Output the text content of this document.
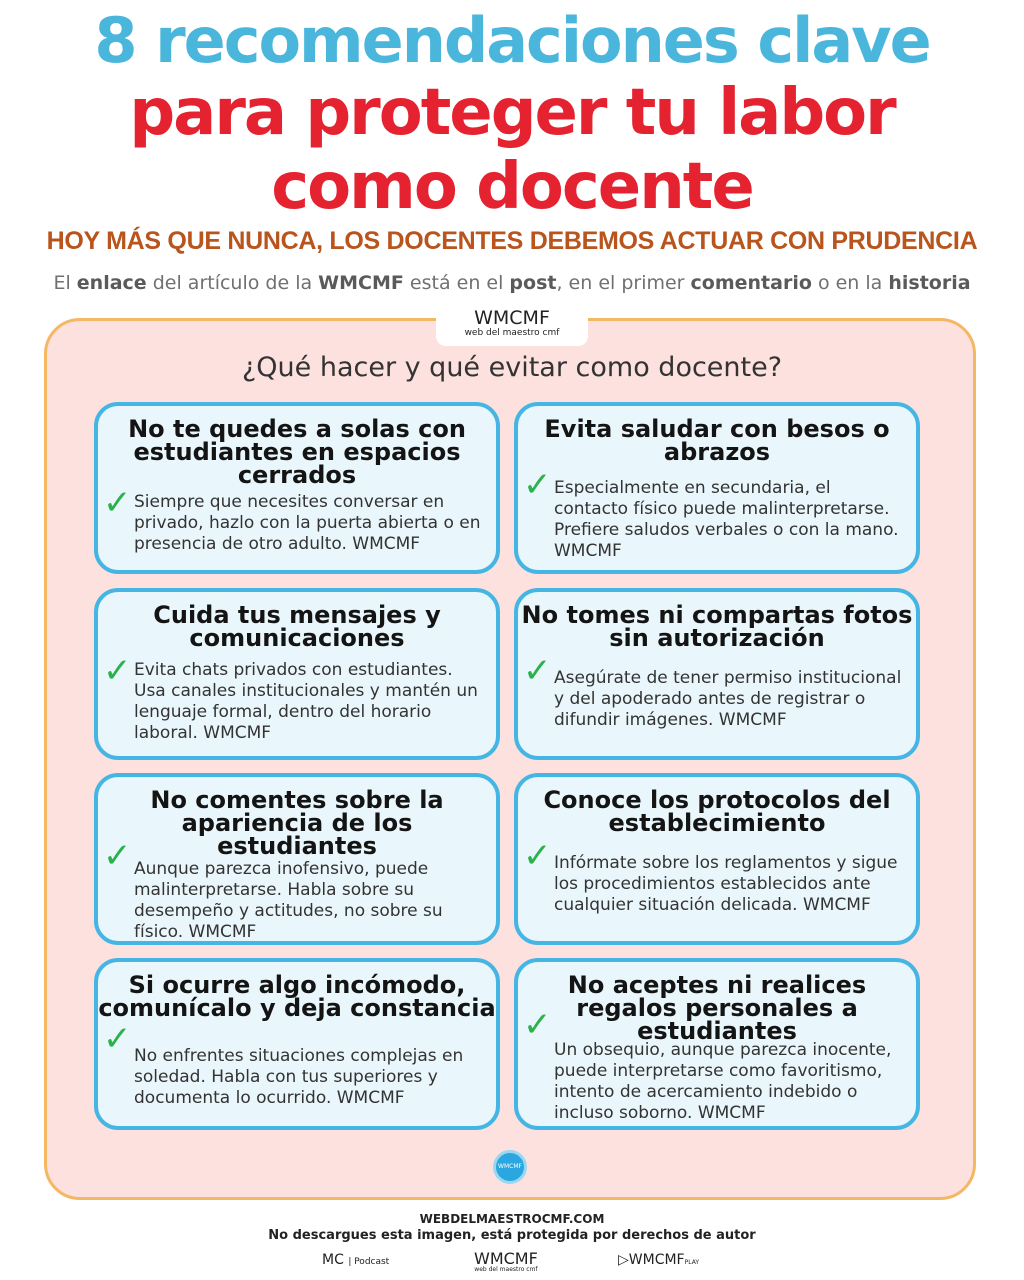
8 recomendaciones clave
para proteger tu labor
como docente
HOY MÁS QUE NUNCA, LOS DOCENTES DEBEMOS ACTUAR CON PRUDENCIA
El enlace del artículo de la WMCMF está en el post, en el primer comentario o en la historia
WMCMF
web del maestro cmf
¿Qué hacer y qué evitar como docente?
No te quedes a solas con estudiantes en espacios cerrados
✓ Siempre que necesites conversar en privado, hazlo con la puerta abierta o en presencia de otro adulto. WMCMF
Evita saludar con besos o abrazos
✓ Especialmente en secundaria, el contacto físico puede malinterpretarse. Prefiere saludos verbales o con la mano. WMCMF
Cuida tus mensajes y comunicaciones
✓ Evita chats privados con estudiantes. Usa canales institucionales y mantén un lenguaje formal, dentro del horario laboral. WMCMF
No tomes ni compartas fotos sin autorización
✓ Asegúrate de tener permiso institucional y del apoderado antes de registrar o difundir imágenes. WMCMF
No comentes sobre la apariencia de los estudiantes
✓ Aunque parezca inofensivo, puede malinterpretarse. Habla sobre su desempeño y actitudes, no sobre su físico. WMCMF
Conoce los protocolos del establecimiento
✓ Infórmate sobre los reglamentos y sigue los procedimientos establecidos ante cualquier situación delicada. WMCMF
Si ocurre algo incómodo, comunícalo y deja constancia
✓ No enfrentes situaciones complejas en soledad. Habla con tus superiores y documenta lo ocurrido. WMCMF
No aceptes ni realices regalos personales a estudiantes
✓
Un obsequio, aunque parezca inocente, puede interpretarse como favoritismo, intento de acercamiento indebido o incluso soborno. WMCMF
WMCMF
WEBDELMAESTROCMF.COM
No descargues esta imagen, está protegida por derechos de autor
MC | Podcast	WMCMF
web del maestro cmf
▷WMCMFPLAY
